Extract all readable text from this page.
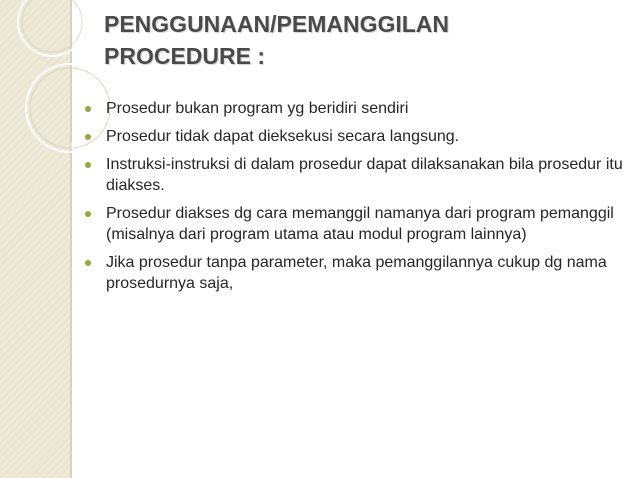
PENGGUNAAN/PEMANGGILAN
PROCEDURE :
Prosedur bukan program yg beridiri sendiri
Prosedur tidak dapat dieksekusi secara langsung.
Instruksi-instruksi di dalam prosedur dapat dilaksanakan bila prosedur itu diakses.
Prosedur diakses dg cara memanggil namanya dari program pemanggil (misalnya dari program utama atau modul program lainnya)
Jika prosedur tanpa parameter, maka pemanggilannya cukup dg nama prosedurnya saja,
